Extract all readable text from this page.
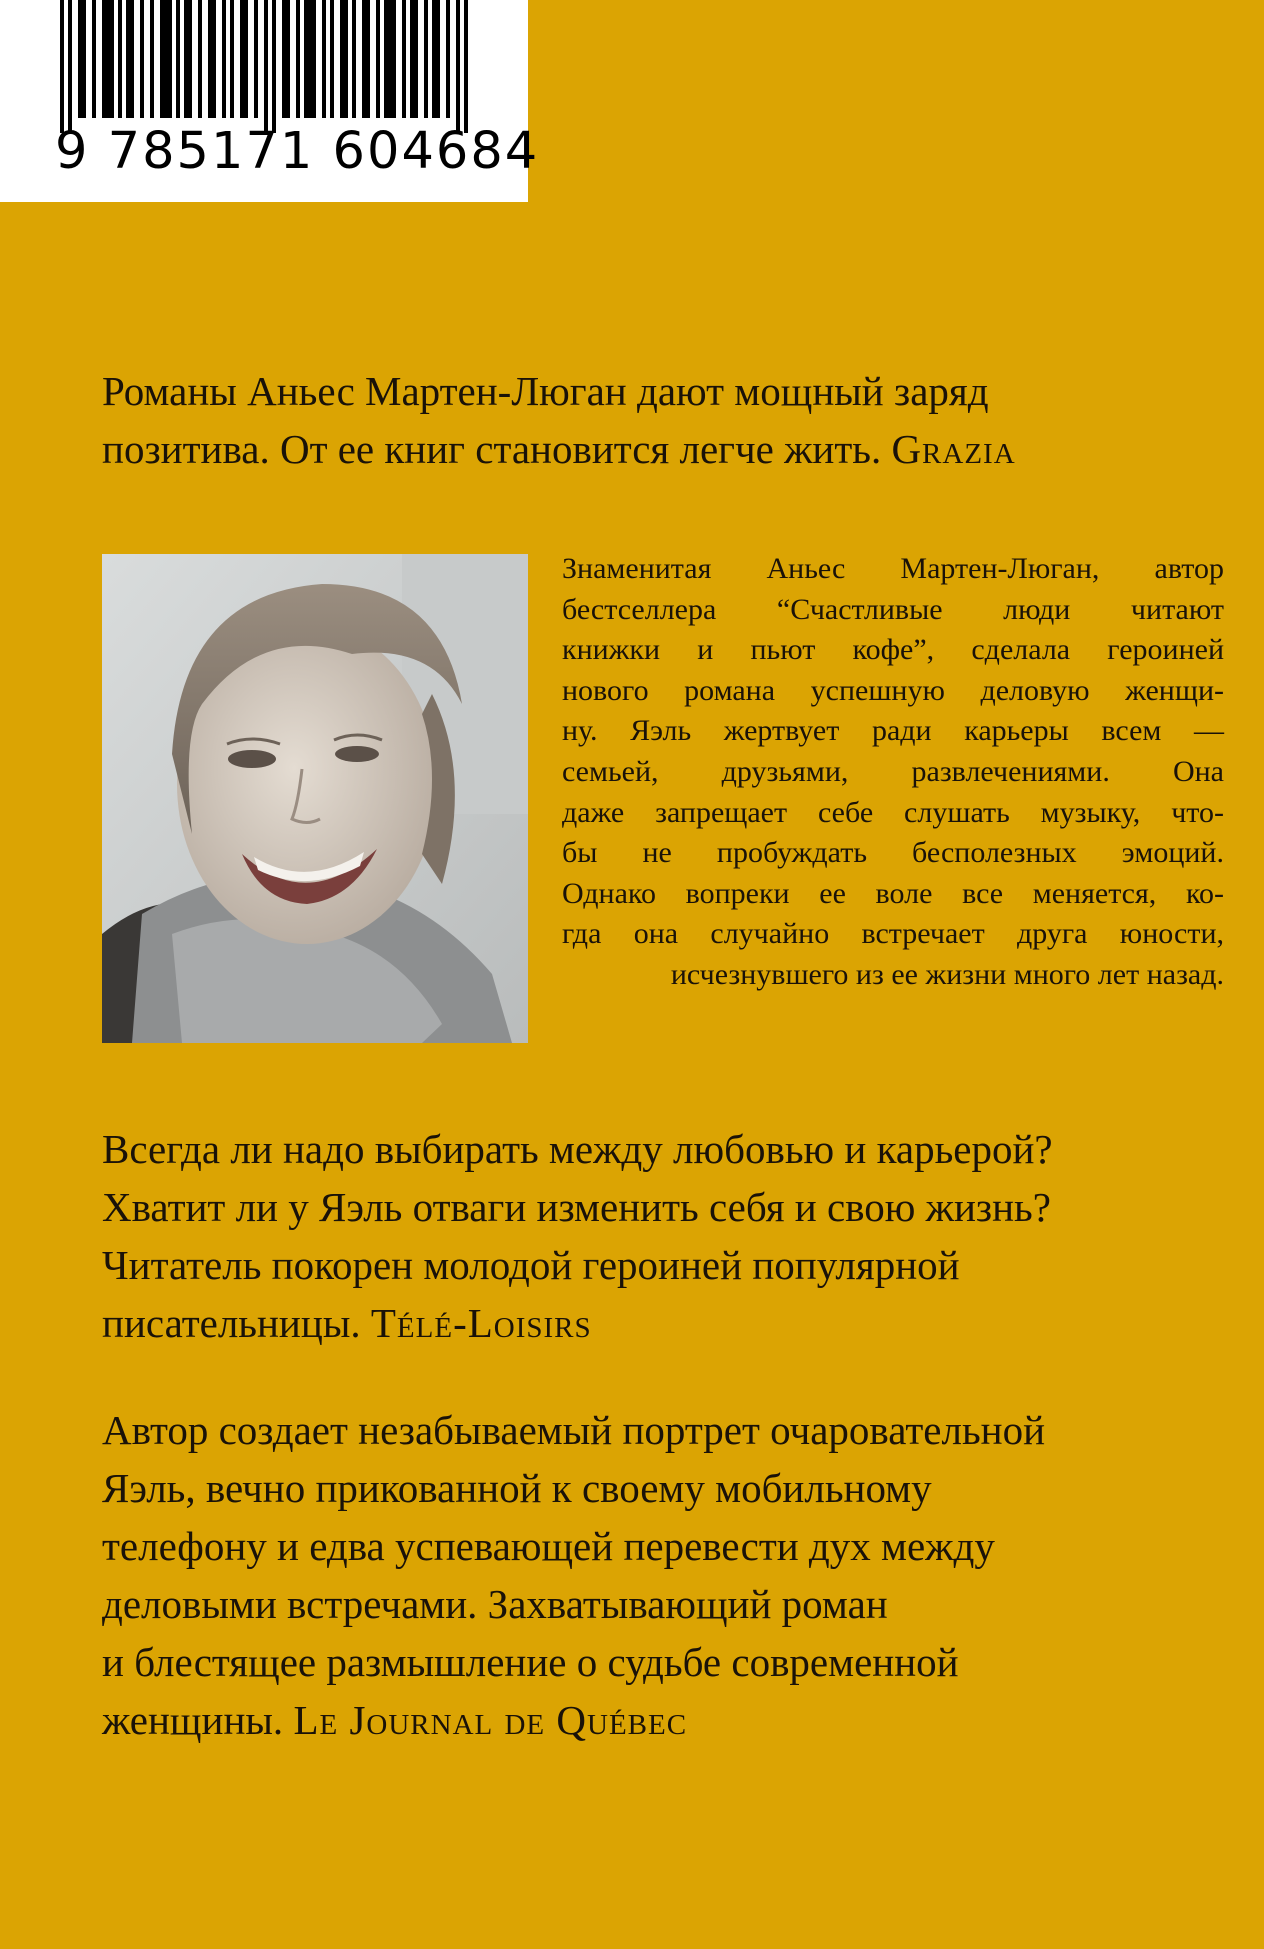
9 785171 604684
Романы Аньес Мартен-Люган дают мощный заряд
позитива. От ее книг становится легче жить. Grazia
Знаменитая Аньес Мартен-Люган, автор
бестселлера “Счастливые люди читают
книжки и пьют кофе”, сделала героиней
нового романа успешную деловую женщи-
ну. Яэль жертвует ради карьеры всем —
семьей, друзьями, развлечениями. Она
даже запрещает себе слушать музыку, что-
бы не пробуждать бесполезных эмоций.
Однако вопреки ее воле все меняется, ко-
гда она случайно встречает друга юности,
исчезнувшего из ее жизни много лет назад.
Всегда ли надо выбирать между любовью и карьерой?
Хватит ли у Яэль отваги изменить себя и свою жизнь?
Читатель покорен молодой героиней популярной
писательницы. Télé-Loisirs
Автор создает незабываемый портрет очаровательной
Яэль, вечно прикованной к своему мобильному
телефону и едва успевающей перевести дух между
деловыми встречами. Захватывающий роман
и блестящее размышление о судьбе современной
женщины. Le Journal de Québec
